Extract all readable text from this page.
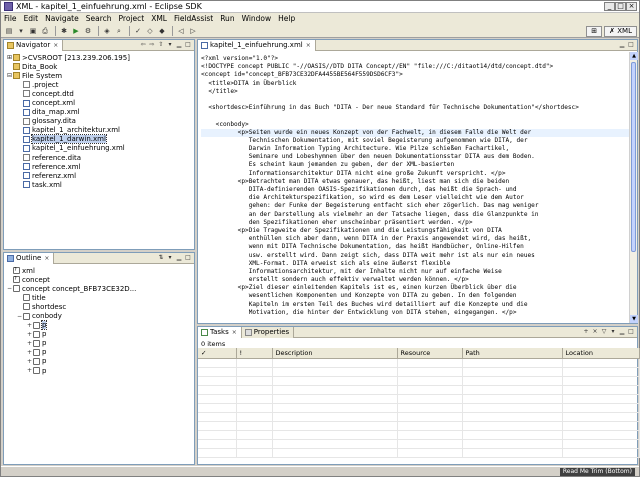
XML - kapitel_1_einfuehrung.xml - Eclipse SDK	_ □ ×
File Edit Navigate Search Project XML FieldAssist Run Window Help
▤ ▾ ▣ ⎙	✱ ▶ ⚙	◈	⌕	✓ ◇ ◆	◁ ▷	⊞	✗ XML
Navigator ×	⇦ ⇨ ⇧ ▾ ▁ □
⊞ >CVSROOT [213.239.206.195]
Dita_Book
⊟ File System
.project
concept.dtd
concept.xml
dita_map.xml
glossary.dita
kapitel_1_architektur.xml
kapitel_1_darwin.xml
kapitel_1_einfuehrung.xml
reference.dita
reference.xml
referenz.xml
task.xml
Outline ×	⇅ ▾ ▁ □
? xml
? concept
− concept concept_BFB73CE32D...
title
shortdesc
− conbody
+ p
+ p
+ p
+ p
+ p
+ p
kapitel_1_einfuehrung.xml ×	▁ □
<?xml version="1.0"?>
<!DOCTYPE concept PUBLIC "-//OASIS//DTD DITA Concept//EN" "file:///C:/ditaot14/dtd/concept.dtd">
<concept id="concept_BFB73CE32DFA4455BE564F559DSD6CF3">
<title>DITA im Überblick
</title>
<shortdesc>Einführung in das Buch "DITA - Der neue Standard für Technische Dokumentation"</shortdesc>
<conbody>
<p>Seiten wurde ein neues Konzept von der Fachwelt, in diesem Falle die Welt der
Technischen Dokumentation, mit soviel Begeisterung aufgenommen wie DITA, der
Darwin Information Typing Architecture. Wie Pilze schießen Fachartikel,
Seminare und Lobeshymnen über den neuen Dokumentationsstar DITA aus dem Boden.
Es scheint kaum jemanden zu geben, der der XML-basierten
Informationsarchitektur DITA nicht eine große Zukunft verspricht. </p>
<p>Betrachtet man DITA etwas genauer, das heißt, liest man sich die beiden
DITA-definierenden OASIS-Spezifikationen durch, das heißt die Sprach- und
die Architekturspezifikation, so wird es dem Leser vielleicht wie dem Autor
gehen: der Funke der Begeisterung entfacht sich eher zögerlich. Das mag weniger
an der Darstellung als vielmehr an der Tatsache liegen, dass die Glanzpunkte in
den Spezifikationen eher unscheinbar präsentiert werden. </p>
<p>Die Tragweite der Spezifikationen und die Leistungsfähigkeit von DITA
enthüllen sich aber dann, wenn DITA in der Praxis angewendet wird, das heißt,
wenn mit DITA Technische Dokumentation, das heißt Handbücher, Online-Hilfen
usw. erstellt wird. Dann zeigt sich, dass DITA weit mehr ist als nur ein neues
XML-Format. DITA erweist sich als eine äußerst flexible
Informationsarchitektur, mit der Inhalte nicht nur auf einfache Weise
erstellt sondern auch effektiv verwaltet werden können. </p>
<p>Ziel dieser einleitenden Kapitels ist es, einen kurzen Überblick über die
wesentlichen Komponenten und Konzepte von DITA zu geben. In den folgenden
Kapiteln im ersten Teil des Buches wird detailliert auf die Konzepte und die
Motivation, die hinter der Entwicklung von DITA stehen, eingegangen. </p>
▲
▼
Tasks × Properties	+ × ▽ ▾ ▁ □
0 items
✓	!	Description	Resource	Path	Location

Read Me Trim (Bottom)
